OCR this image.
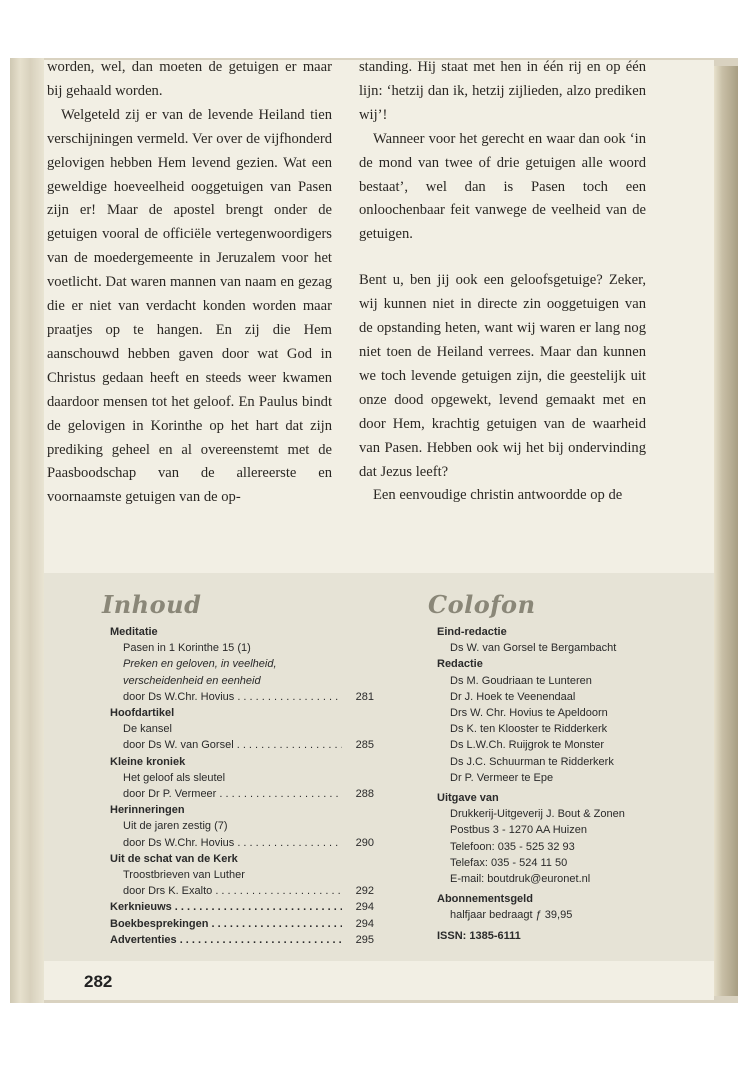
worden, wel, dan moeten de getuigen er maar bij gehaald worden.

Welgeteld zij er van de levende Heiland tien verschijningen vermeld. Ver over de vijfhonderd gelovigen hebben Hem levend gezien. Wat een geweldige hoeveelheid ooggetuigen van Pasen zijn er! Maar de apostel brengt onder de getuigen vooral de officiële vertegenwoordigers van de moedergemeente in Jeruzalem voor het voetlicht. Dat waren mannen van naam en gezag die er niet van verdacht konden worden maar praatjes op te hangen. En zij die Hem aanschouwd hebben gaven door wat God in Christus gedaan heeft en steeds weer kwamen daardoor mensen tot het geloof. En Paulus bindt de gelovigen in Korinthe op het hart dat zijn prediking geheel en al overeenstemt met de Paasboodschap van de allereerste en voornaamste getuigen van de op-

standing. Hij staat met hen in één rij en op één lijn: ‘hetzij dan ik, hetzij zijlieden, alzo prediken wij’!

Wanneer voor het gerecht en waar dan ook ‘in de mond van twee of drie getuigen alle woord bestaat’, wel dan is Pasen toch een onloochenbaar feit vanwege de veelheid van de getuigen.

Bent u, ben jij ook een geloofsgetuige? Zeker, wij kunnen niet in directe zin ooggetuigen van de opstanding heten, want wij waren er lang nog niet toen de Heiland verrees. Maar dan kunnen we toch levende getuigen zijn, die geestelijk uit onze dood opgewekt, levend gemaakt met en door Hem, krachtig getuigen van de waarheid van Pasen. Hebben ook wij het bij ondervinding dat Jezus leeft?

Een eenvoudige christin antwoordde op de

Inhoud	Colofon
Meditatie
Pasen in 1 Korinthe 15 (1)
Preken en geloven, in veelheid,
verscheidenheid en eenheid
door Ds W.Chr. Hovius . . .	281
Hoofdartikel
De kansel
door Ds W. van Gorsel . . .	285
Kleine kroniek
Het geloof als sleutel
door Dr P. Vermeer . . .	288
Herinneringen
Uit de jaren zestig (7)
door Ds W.Chr. Hovius . . .	290
Uit de schat van de Kerk
Troostbrieven van Luther
door Drs K. Exalto . . .	292
Kerknieuws . . .	294
Boekbesprekingen . . .	294
Advertenties . . .	295
Eind-redactie
Ds W. van Gorsel te Bergambacht
Redactie
Ds M. Goudriaan te Lunteren
Dr J. Hoek te Veenendaal
Drs W. Chr. Hovius te Apeldoorn
Ds K. ten Klooster te Ridderkerk
Ds L.W.Ch. Ruijgrok te Monster
Ds J.C. Schuurman te Ridderkerk
Dr P. Vermeer te Epe
Uitgave van
Drukkerij-Uitgeverij J. Bout & Zonen
Postbus 3 - 1270 AA Huizen
Telefoon: 035 - 525 32 93
Telefax: 035 - 524 11 50
E-mail: boutdruk@euronet.nl
Abonnementsgeld
halfjaar bedraagt ƒ 39,95
ISSN: 1385-6111
282
